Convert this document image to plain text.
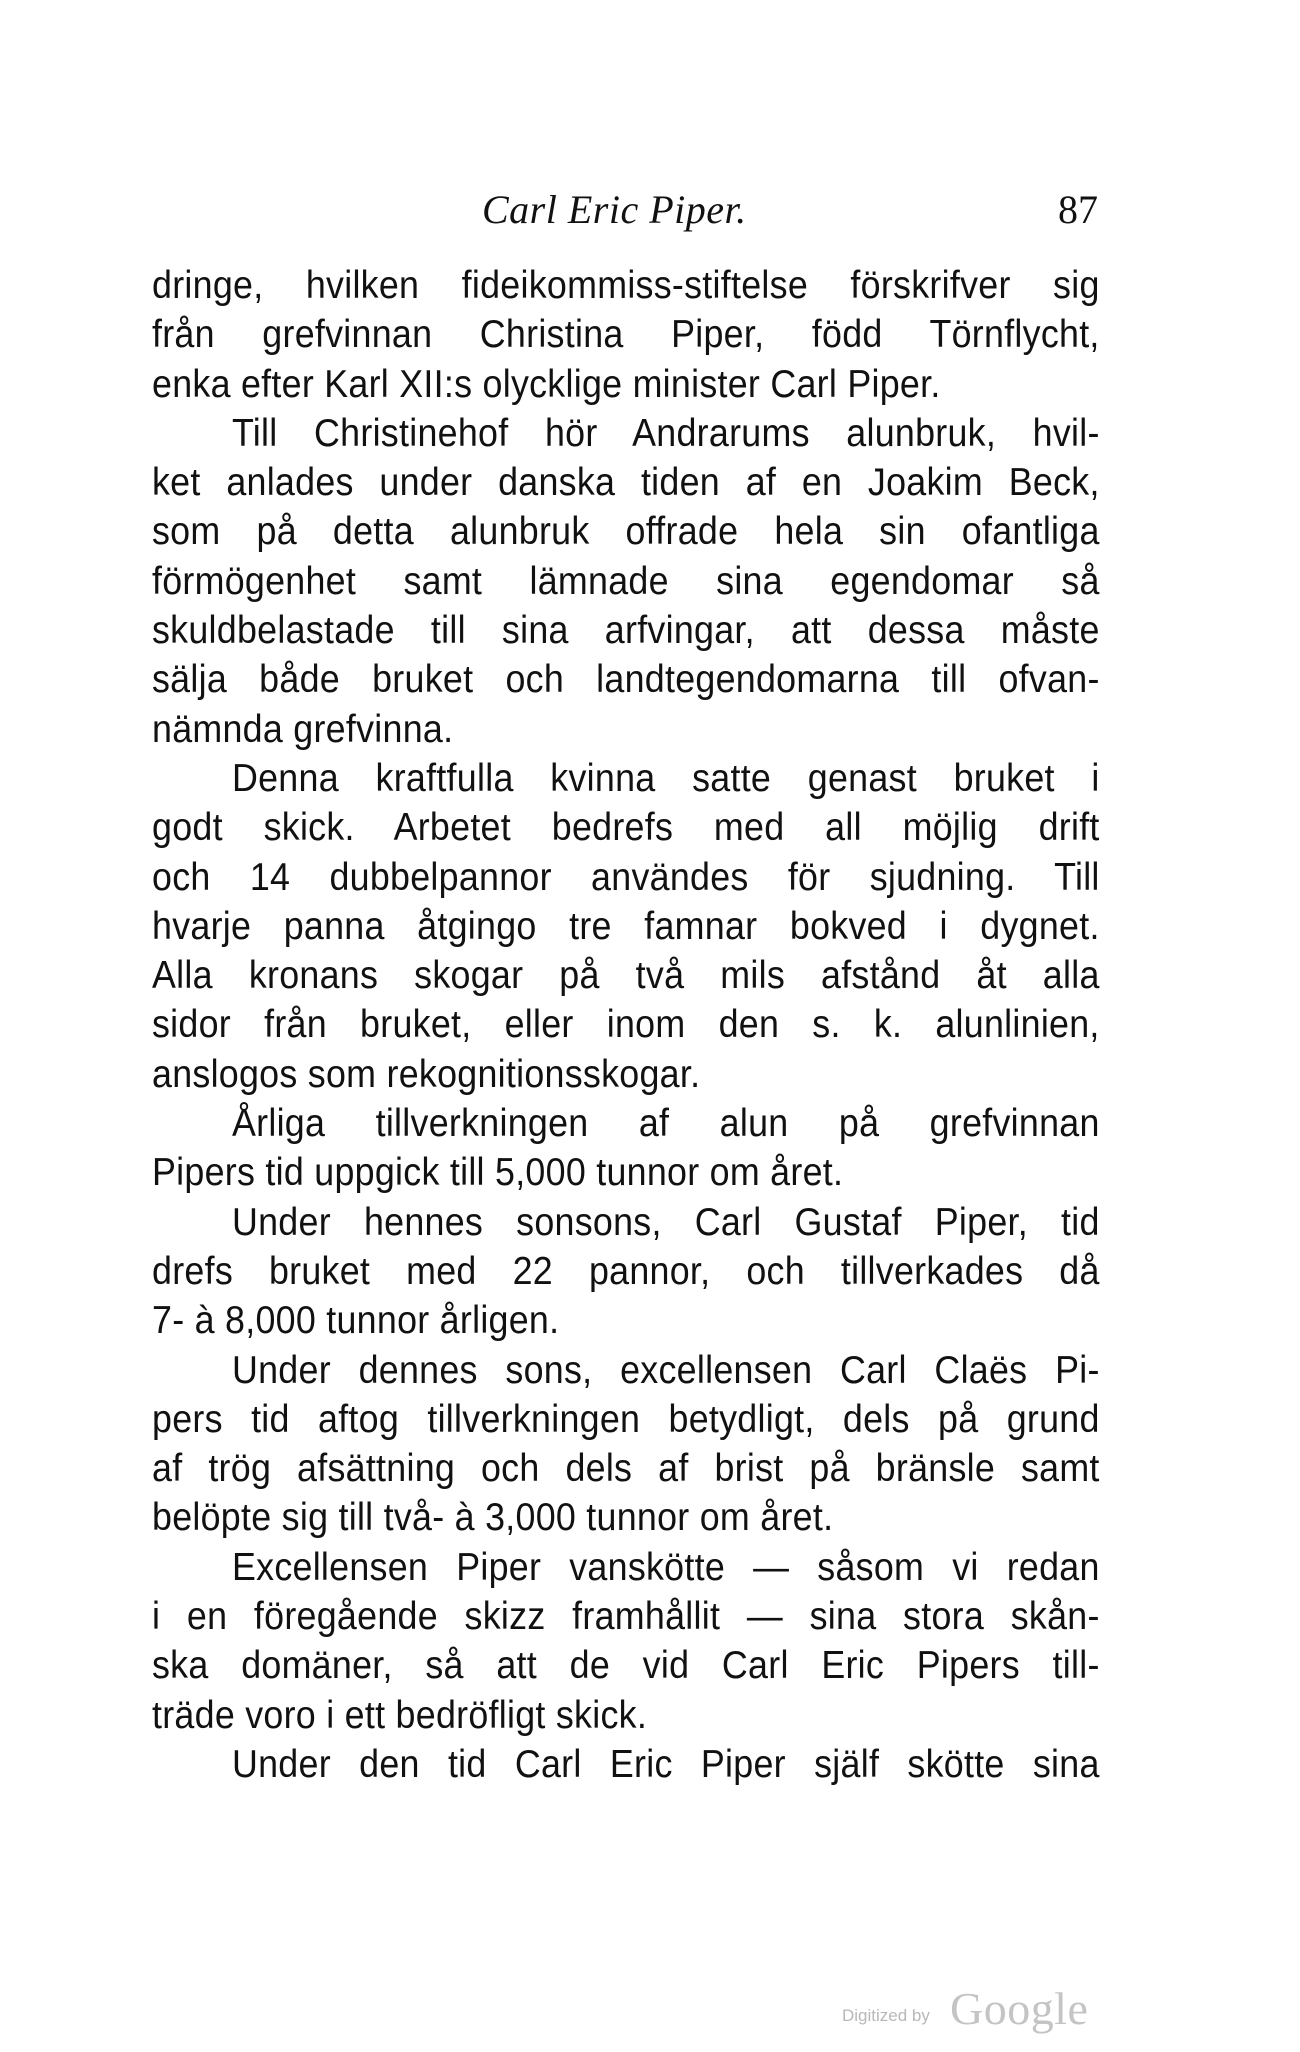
Carl Eric Piper.	87
dringe, hvilken fideikommiss-stiftelse förskrifver sig
från grefvinnan Christina Piper, född Törnflycht,
enka efter Karl XII:s olycklige minister Carl Piper.
Till Christinehof hör Andrarums alunbruk, hvil-
ket anlades under danska tiden af en Joakim Beck,
som på detta alunbruk offrade hela sin ofantliga
förmögenhet samt lämnade sina egendomar så
skuldbelastade till sina arfvingar, att dessa måste
sälja både bruket och landtegendomarna till ofvan-
nämnda grefvinna.
Denna kraftfulla kvinna satte genast bruket i
godt skick. Arbetet bedrefs med all möjlig drift
och 14 dubbelpannor användes för sjudning. Till
hvarje panna åtgingo tre famnar bokved i dygnet.
Alla kronans skogar på två mils afstånd åt alla
sidor från bruket, eller inom den s. k. alunlinien,
anslogos som rekognitionsskogar.
Årliga tillverkningen af alun på grefvinnan
Pipers tid uppgick till 5,000 tunnor om året.
Under hennes sonsons, Carl Gustaf Piper, tid
drefs bruket med 22 pannor, och tillverkades då
7- à 8,000 tunnor årligen.
Under dennes sons, excellensen Carl Claës Pi-
pers tid aftog tillverkningen betydligt, dels på grund
af trög afsättning och dels af brist på bränsle samt
belöpte sig till två- à 3,000 tunnor om året.
Excellensen Piper vanskötte — såsom vi redan
i en föregående skizz framhållit — sina stora skån-
ska domäner, så att de vid Carl Eric Pipers till-
träde voro i ett bedröfligt skick.
Under den tid Carl Eric Piper själf skötte sina
Digitized by Google
